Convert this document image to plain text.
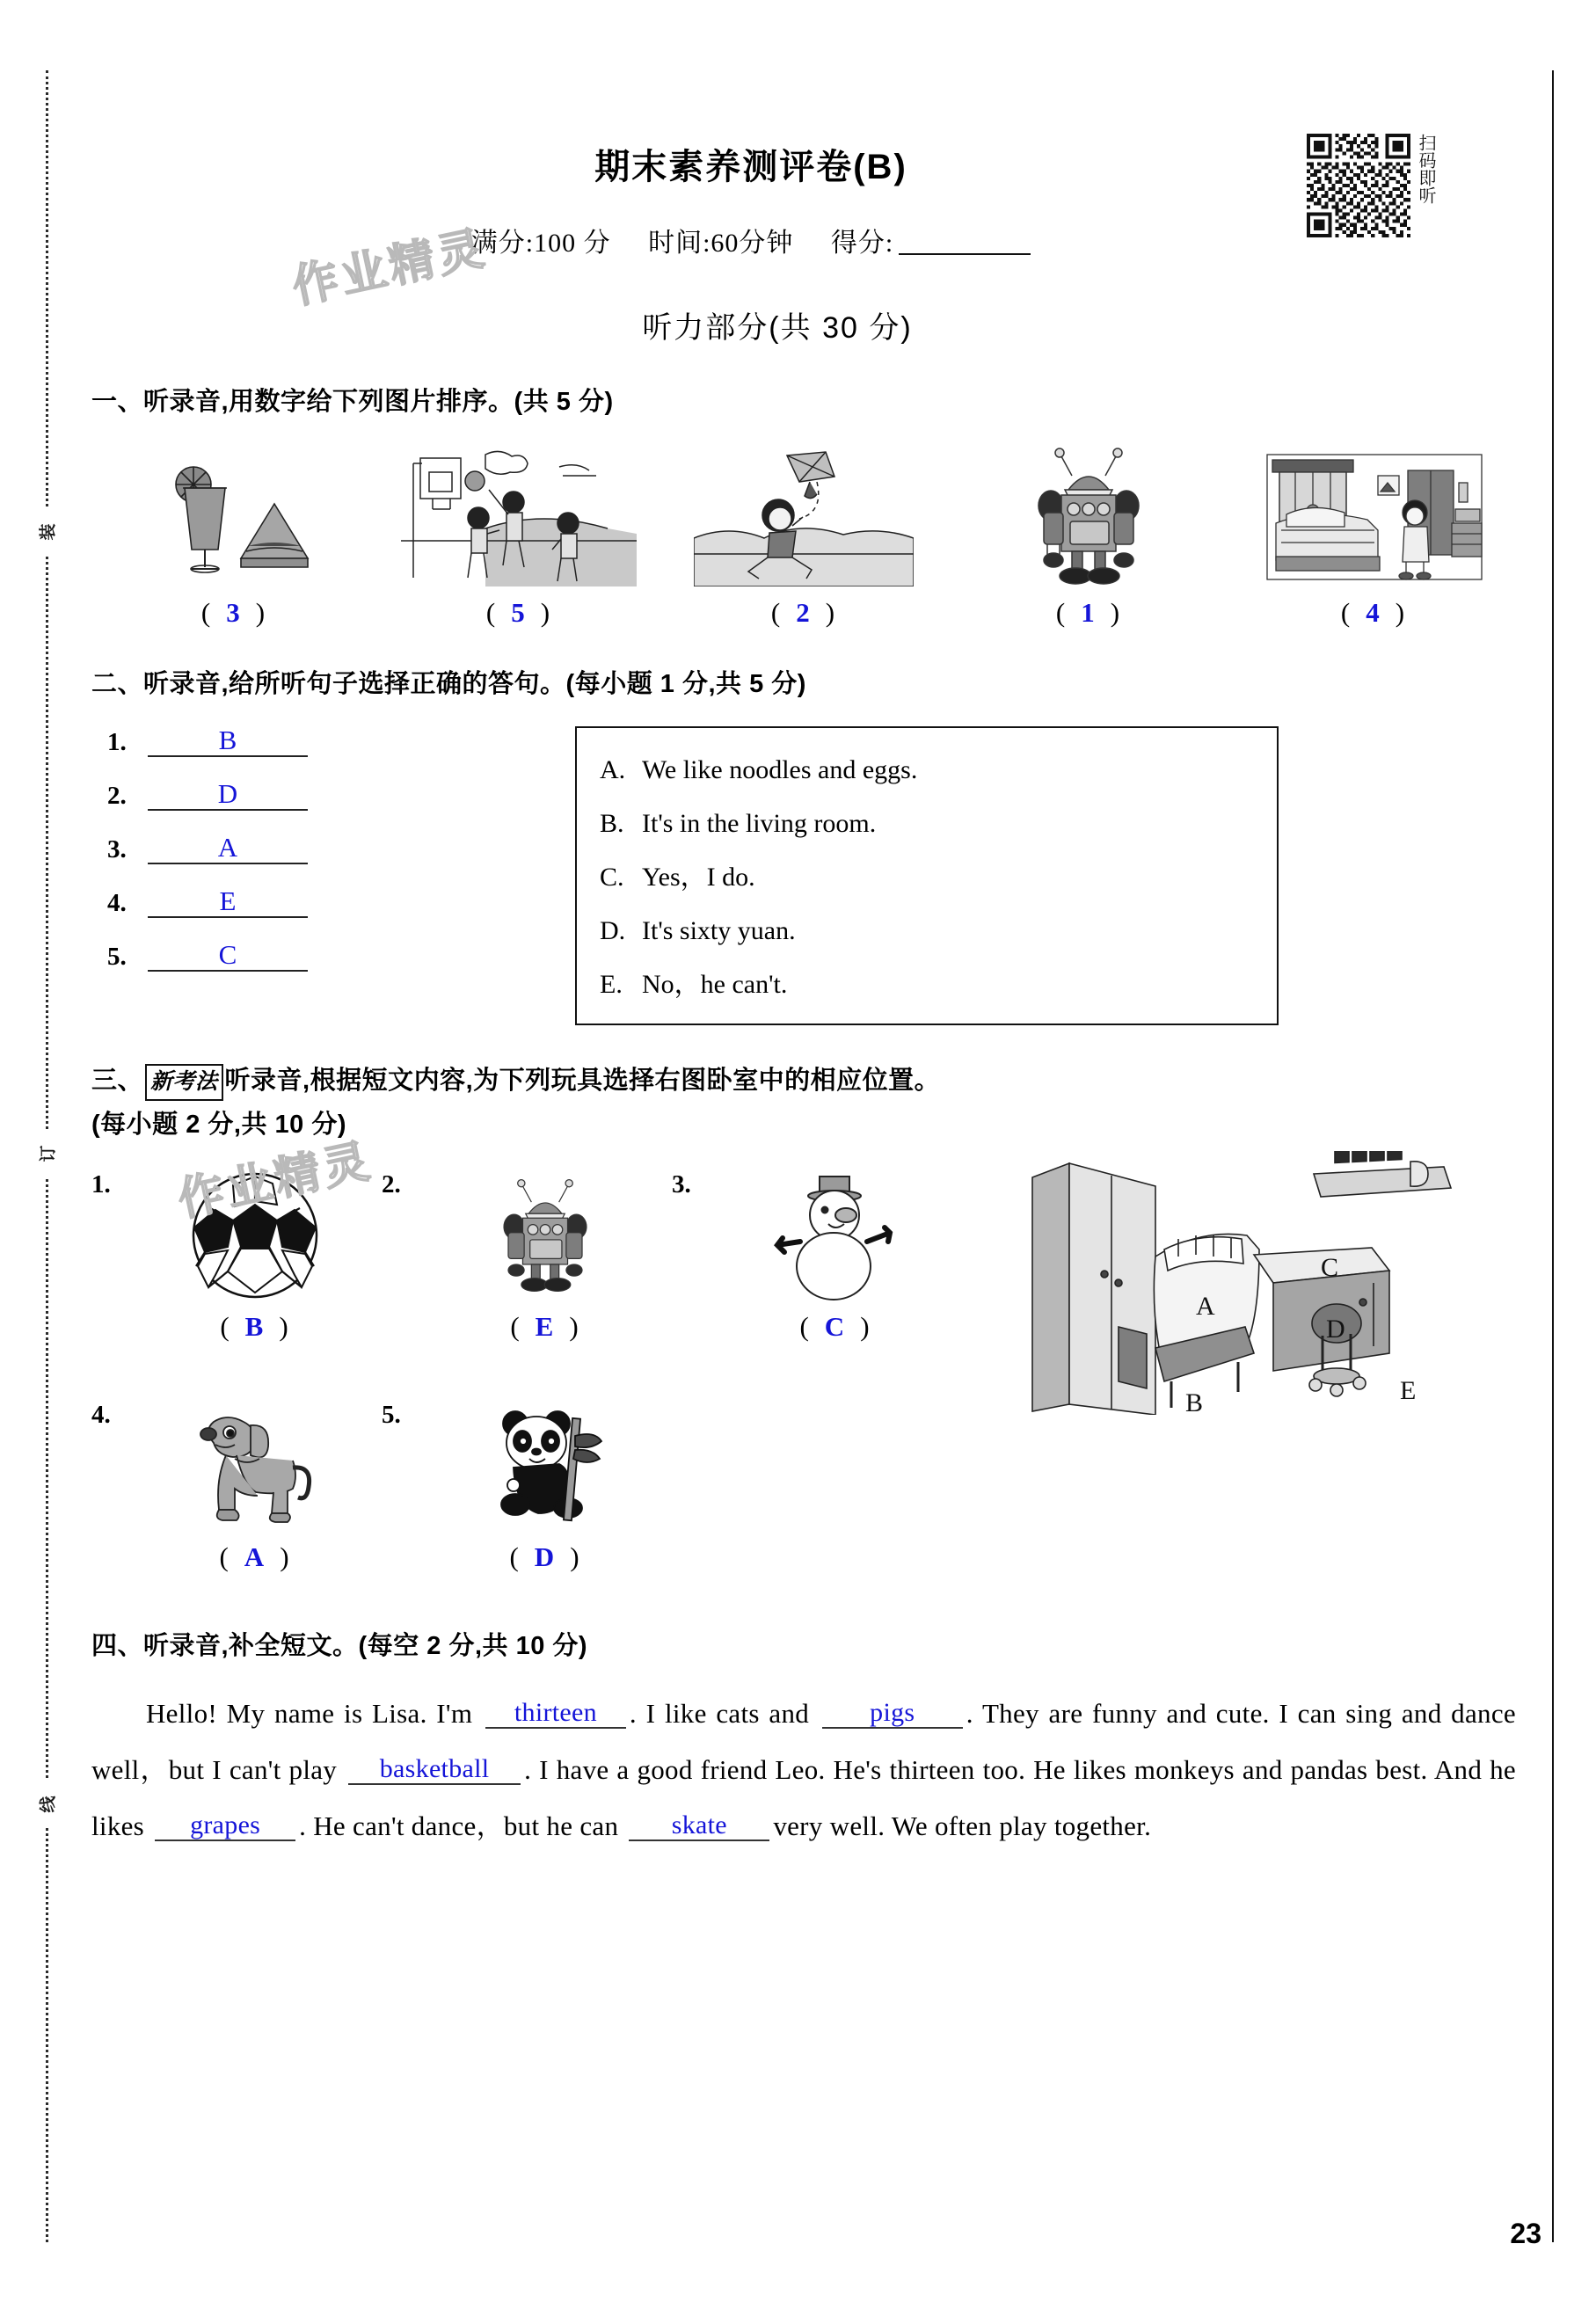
装
订
线
扫码即听
期末素养测评卷(B)
满分:100 分 时间:60分钟 得分:
听力部分(共 30 分)
一、听录音,用数字给下列图片排序。(共 5 分)
( 3 )	( 5 )	( 2 )	( 1 )	( 4 )
二、听录音,给所听句子选择正确的答句。(每小题 1 分,共 5 分)
1.	B
2.	D
3.	A
4.	E
5.	C
A. We like noodles and eggs.
B. It's in the living room.
C. Yes，I do.
D. It's sixty yuan.
E. No，he can't.
三、 新考法 听录音,根据短文内容,为下列玩具选择右图卧室中的相应位置。
(每小题 2 分,共 10 分)
1.
( B )
2.
( E )
3.
( C )
4.
( A )
5.
( D )
A
B
C
D
E
四、听录音,补全短文。(每空 2 分,共 10 分)
Hello! My name is Lisa. I'm thirteen . I like cats and pigs . They are funny and cute. I can sing and dance well，but I can't play basketball . I have a good friend Leo. He's thirteen too. He likes monkeys and pandas best. And he likes grapes . He can't dance，but he can skate very well. We often play together.
作业精灵
23
